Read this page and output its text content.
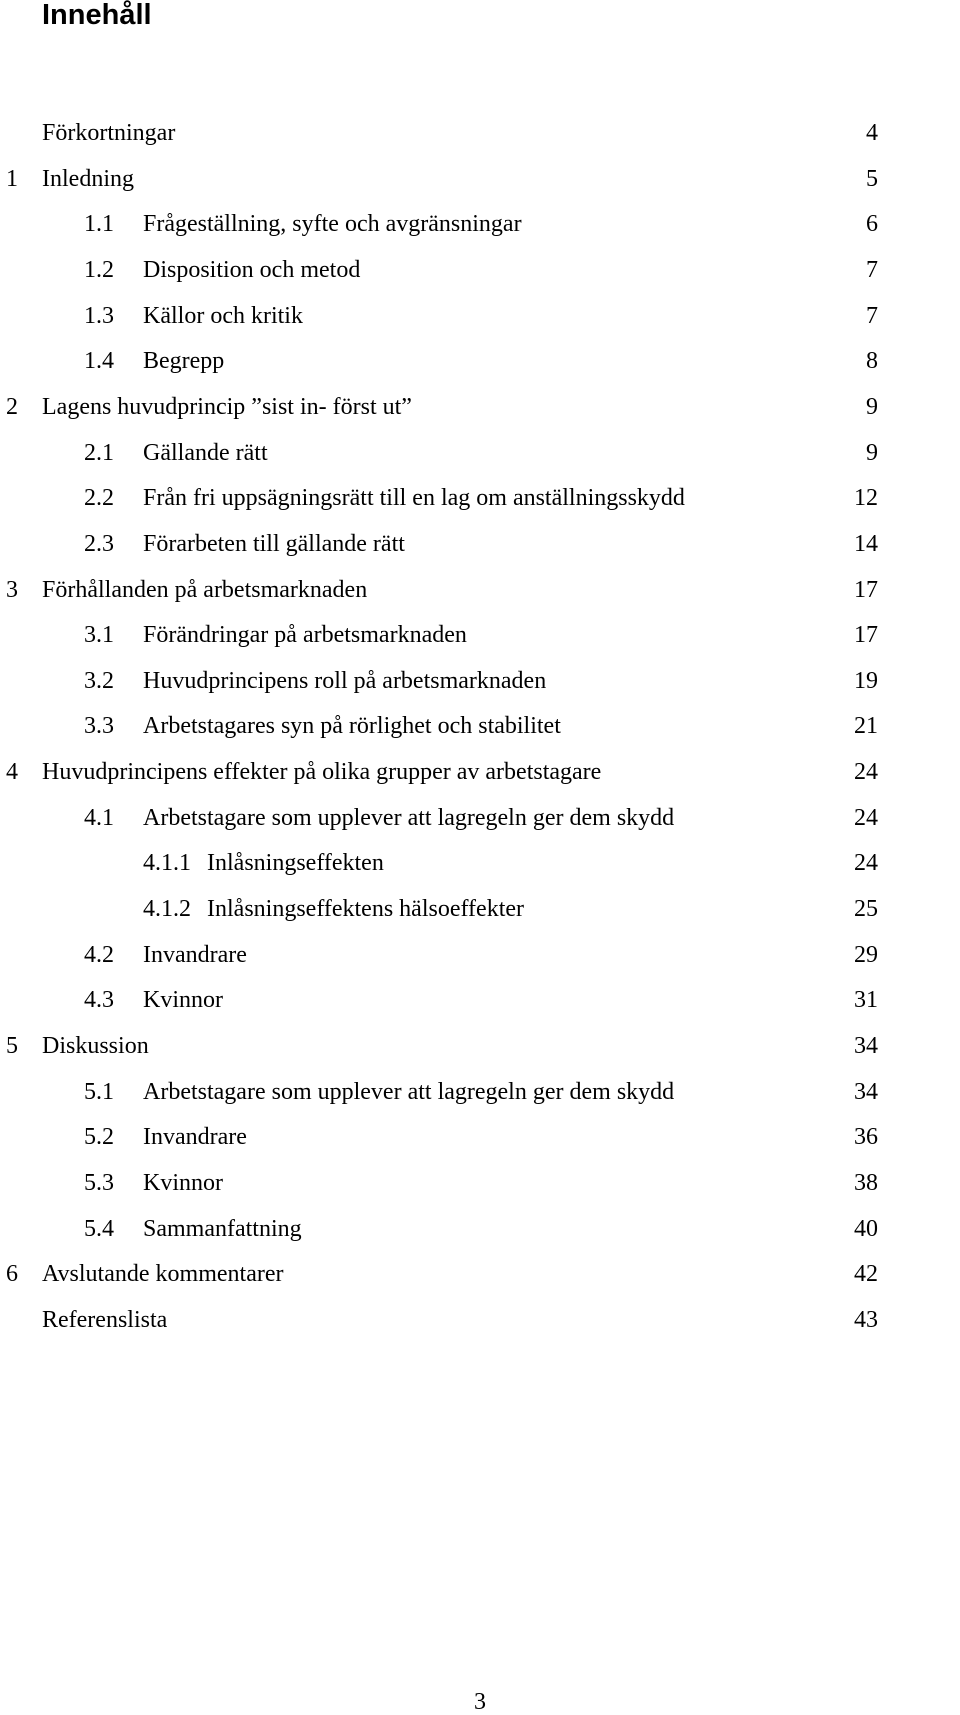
Innehåll
Förkortningar	4
1 Inledning	5
1.1 Frågeställning, syfte och avgränsningar	6
1.2 Disposition och metod	7
1.3 Källor och kritik	7
1.4 Begrepp	8
2 Lagens huvudprincip ”sist in- först ut”	9
2.1 Gällande rätt	9
2.2 Från fri uppsägningsrätt till en lag om anställningsskydd	12
2.3 Förarbeten till gällande rätt	14
3 Förhållanden på arbetsmarknaden	17
3.1 Förändringar på arbetsmarknaden	17
3.2 Huvudprincipens roll på arbetsmarknaden	19
3.3 Arbetstagares syn på rörlighet och stabilitet	21
4 Huvudprincipens effekter på olika grupper av arbetstagare	24
4.1 Arbetstagare som upplever att lagregeln ger dem skydd	24
4.1.1 Inlåsningseffekten	24
4.1.2 Inlåsningseffektens hälsoeffekter	25
4.2 Invandrare	29
4.3 Kvinnor	31
5 Diskussion	34
5.1 Arbetstagare som upplever att lagregeln ger dem skydd	34
5.2 Invandrare	36
5.3 Kvinnor	38
5.4 Sammanfattning	40
6 Avslutande kommentarer	42
Referenslista	43
3
